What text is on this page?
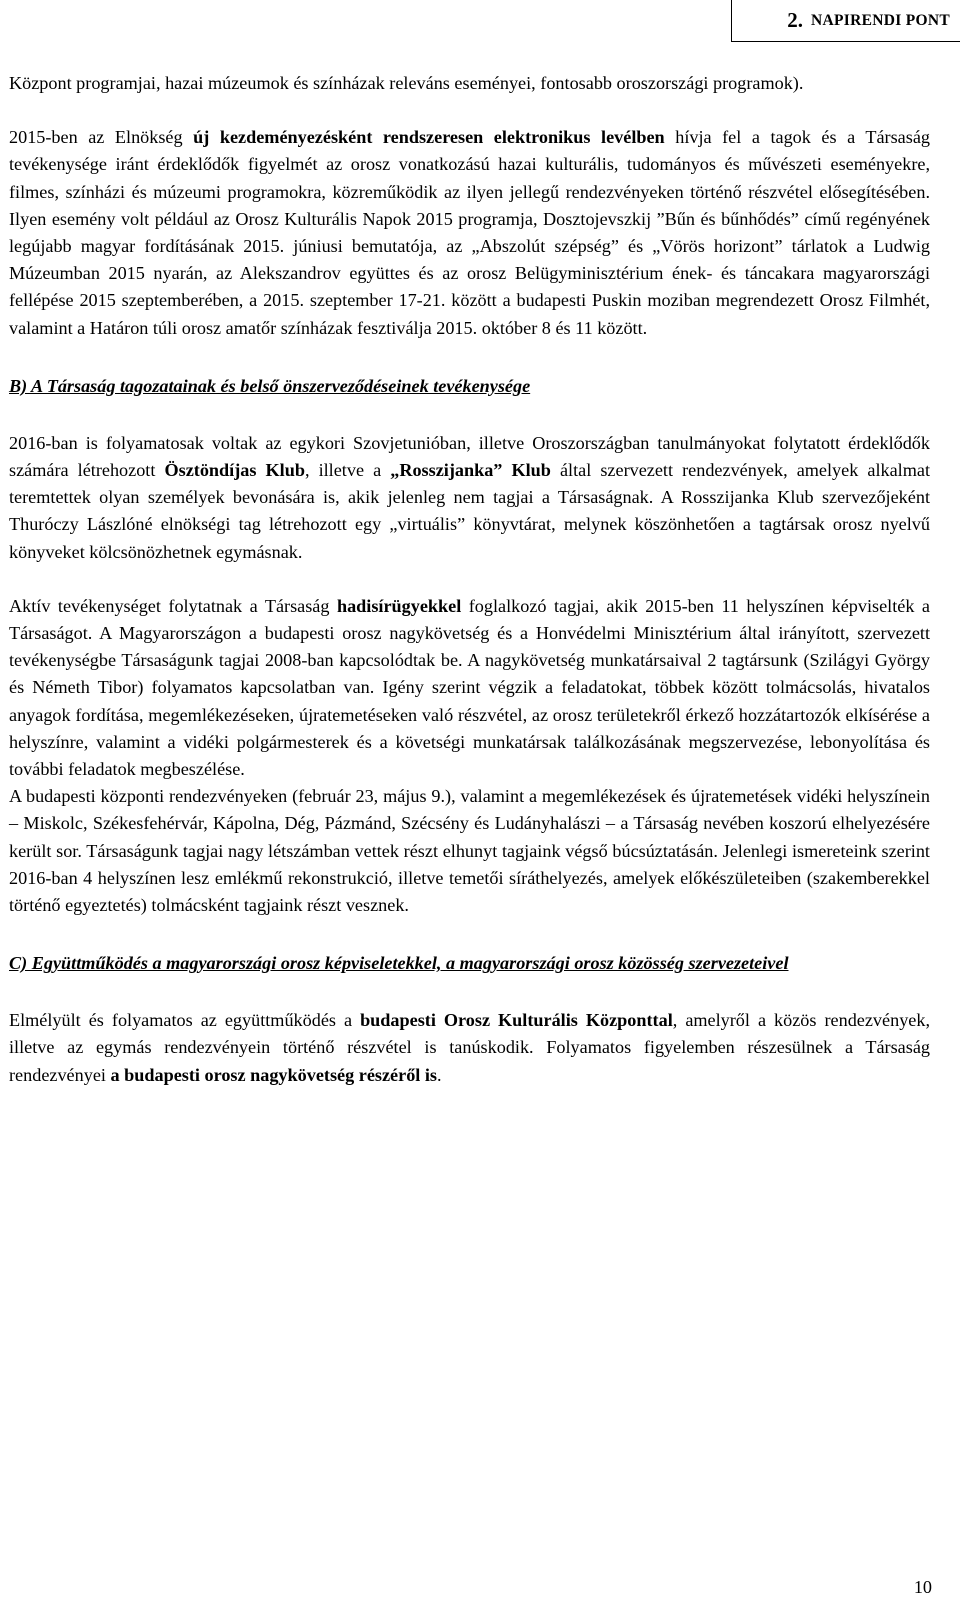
2. NAPIRENDI PONT

Központ programjai, hazai múzeumok és színházak releváns eseményei, fontosabb oroszországi programok).

2015-ben az Elnökség új kezdeményezésként rendszeresen elektronikus levélben hívja fel a tagok és a Társaság tevékenysége iránt érdeklődők figyelmét az orosz vonatkozású hazai kulturális, tudományos és művészeti eseményekre, filmes, színházi és múzeumi programokra, közreműködik az ilyen jellegű rendezvényeken történő részvétel elősegítésében. Ilyen esemény volt például az Orosz Kulturális Napok 2015 programja, Dosztojevszkij ”Bűn és bűnhődés” című regényének legújabb magyar fordításának 2015. júniusi bemutatója, az „Abszolút szépség” és „Vörös horizont” tárlatok a Ludwig Múzeumban 2015 nyarán, az Alekszandrov együttes és az orosz Belügyminisztérium ének- és táncakara magyarországi fellépése 2015 szeptemberében, a 2015. szeptember 17-21. között a budapesti Puskin moziban megrendezett Orosz Filmhét, valamint a Határon túli orosz amatőr színházak fesztiválja 2015. október 8 és 11 között.

B) A Társaság tagozatainak és belső önszerveződéseinek tevékenysége

2016-ban is folyamatosak voltak az egykori Szovjetunióban, illetve Oroszországban tanulmányokat folytatott érdeklődők számára létrehozott Ösztöndíjas Klub, illetve a „Rosszijanka” Klub által szervezett rendezvények, amelyek alkalmat teremtettek olyan személyek bevonására is, akik jelenleg nem tagjai a Társaságnak. A Rosszijanka Klub szervezőjeként Thuróczy Lászlóné elnökségi tag létrehozott egy „virtuális” könyvtárat, melynek köszönhetően a tagtársak orosz nyelvű könyveket kölcsönözhetnek egymásnak.

Aktív tevékenységet folytatnak a Társaság hadisírügyekkel foglalkozó tagjai, akik 2015-ben 11 helyszínen képviselték a Társaságot. A Magyarországon a budapesti orosz nagykövetség és a Honvédelmi Minisztérium által irányított, szervezett tevékenységbe Társaságunk tagjai 2008-ban kapcsolódtak be. A nagykövetség munkatársaival 2 tagtársunk (Szilágyi György és Németh Tibor) folyamatos kapcsolatban van. Igény szerint végzik a feladatokat, többek között tolmácsolás, hivatalos anyagok fordítása, megemlékezéseken, újratemetéseken való részvétel, az orosz területekről érkező hozzátartozók elkísérése a helyszínre, valamint a vidéki polgármesterek és a követségi munkatársak találkozásának megszervezése, lebonyolítása és további feladatok megbeszélése.

A budapesti központi rendezvényeken (február 23, május 9.), valamint a megemlékezések és újratemetések vidéki helyszínein – Miskolc, Székesfehérvár, Kápolna, Dég, Pázmánd, Szécsény és Ludányhalászi – a Társaság nevében koszorú elhelyezésére került sor. Társaságunk tagjai nagy létszámban vettek részt elhunyt tagjaink végső búcsúztatásán. Jelenlegi ismereteink szerint 2016-ban 4 helyszínen lesz emlékmű rekonstrukció, illetve temetői síráthelyezés, amelyek előkészületeiben (szakemberekkel történő egyeztetés) tolmácsként tagjaink részt vesznek.

C) Együttműködés a magyarországi orosz képviseletekkel, a magyarországi orosz közösség szervezeteivel

Elmélyült és folyamatos az együttműködés a budapesti Orosz Kulturális Központtal, amelyről a közös rendezvények, illetve az egymás rendezvényein történő részvétel is tanúskodik. Folyamatos figyelemben részesülnek a Társaság rendezvényei a budapesti orosz nagykövetség részéről is.

10
